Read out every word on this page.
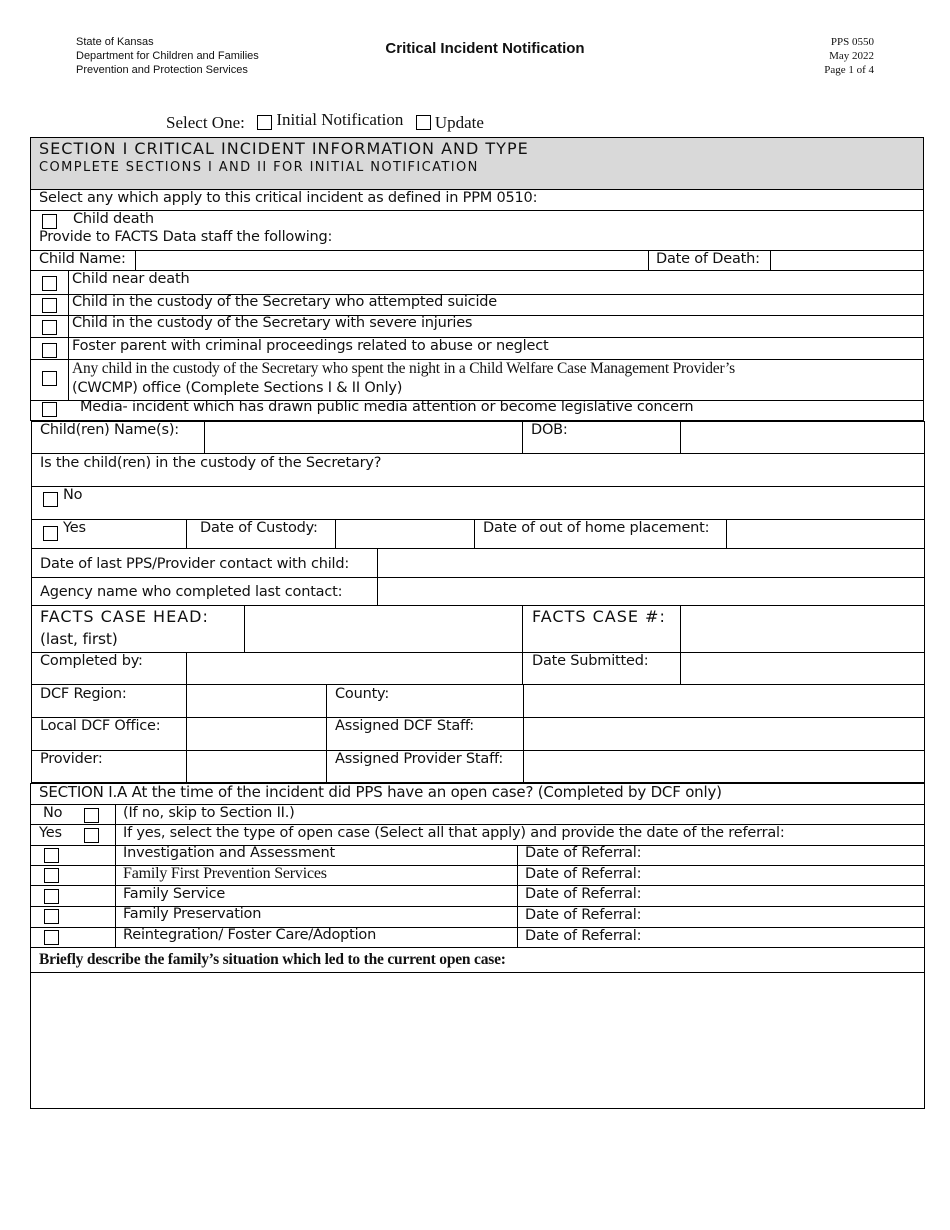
State of Kansas
Department for Children and Families
Prevention and Protection Services
Critical Incident Notification	PPS 0550
May 2022
Page 1 of 4
Select One: Initial Notification Update
SECTION I CRITICAL INCIDENT INFORMATION AND TYPE
COMPLETE SECTIONS I AND II FOR INITIAL NOTIFICATION
Select any which apply to this critical incident as defined in PPM 0510:
Child death
Provide to FACTS Data staff the following:
Child Name:	Date of Death:
Child near death
Child in the custody of the Secretary who attempted suicide
Child in the custody of the Secretary with severe injuries
Foster parent with criminal proceedings related to abuse or neglect
Any child in the custody of the Secretary who spent the night in a Child Welfare Case Management Provider’s
(CWCMP) office (Complete Sections I & II Only)
Media- incident which has drawn public media attention or become legislative concern
Child(ren) Name(s):	DOB:
Is the child(ren) in the custody of the Secretary?
No
Yes	Date of Custody:	Date of out of home placement:
Date of last PPS/Provider contact with child:
Agency name who completed last contact:
FACTS CASE HEAD:
(last, first)
FACTS CASE #:
Completed by:	Date Submitted:
DCF Region:	County:
Local DCF Office:	Assigned DCF Staff:
Provider:	Assigned Provider Staff:
SECTION I.A At the time of the incident did PPS have an open case? (Completed by DCF only)
No	(If no, skip to Section II.)
Yes	If yes, select the type of open case (Select all that apply) and provide the date of the referral:
Investigation and Assessment	Date of Referral:
Family First Prevention Services	Date of Referral:
Family Service	Date of Referral:
Family Preservation	Date of Referral:
Reintegration/ Foster Care/Adoption	Date of Referral:
Briefly describe the family’s situation which led to the current open case:
